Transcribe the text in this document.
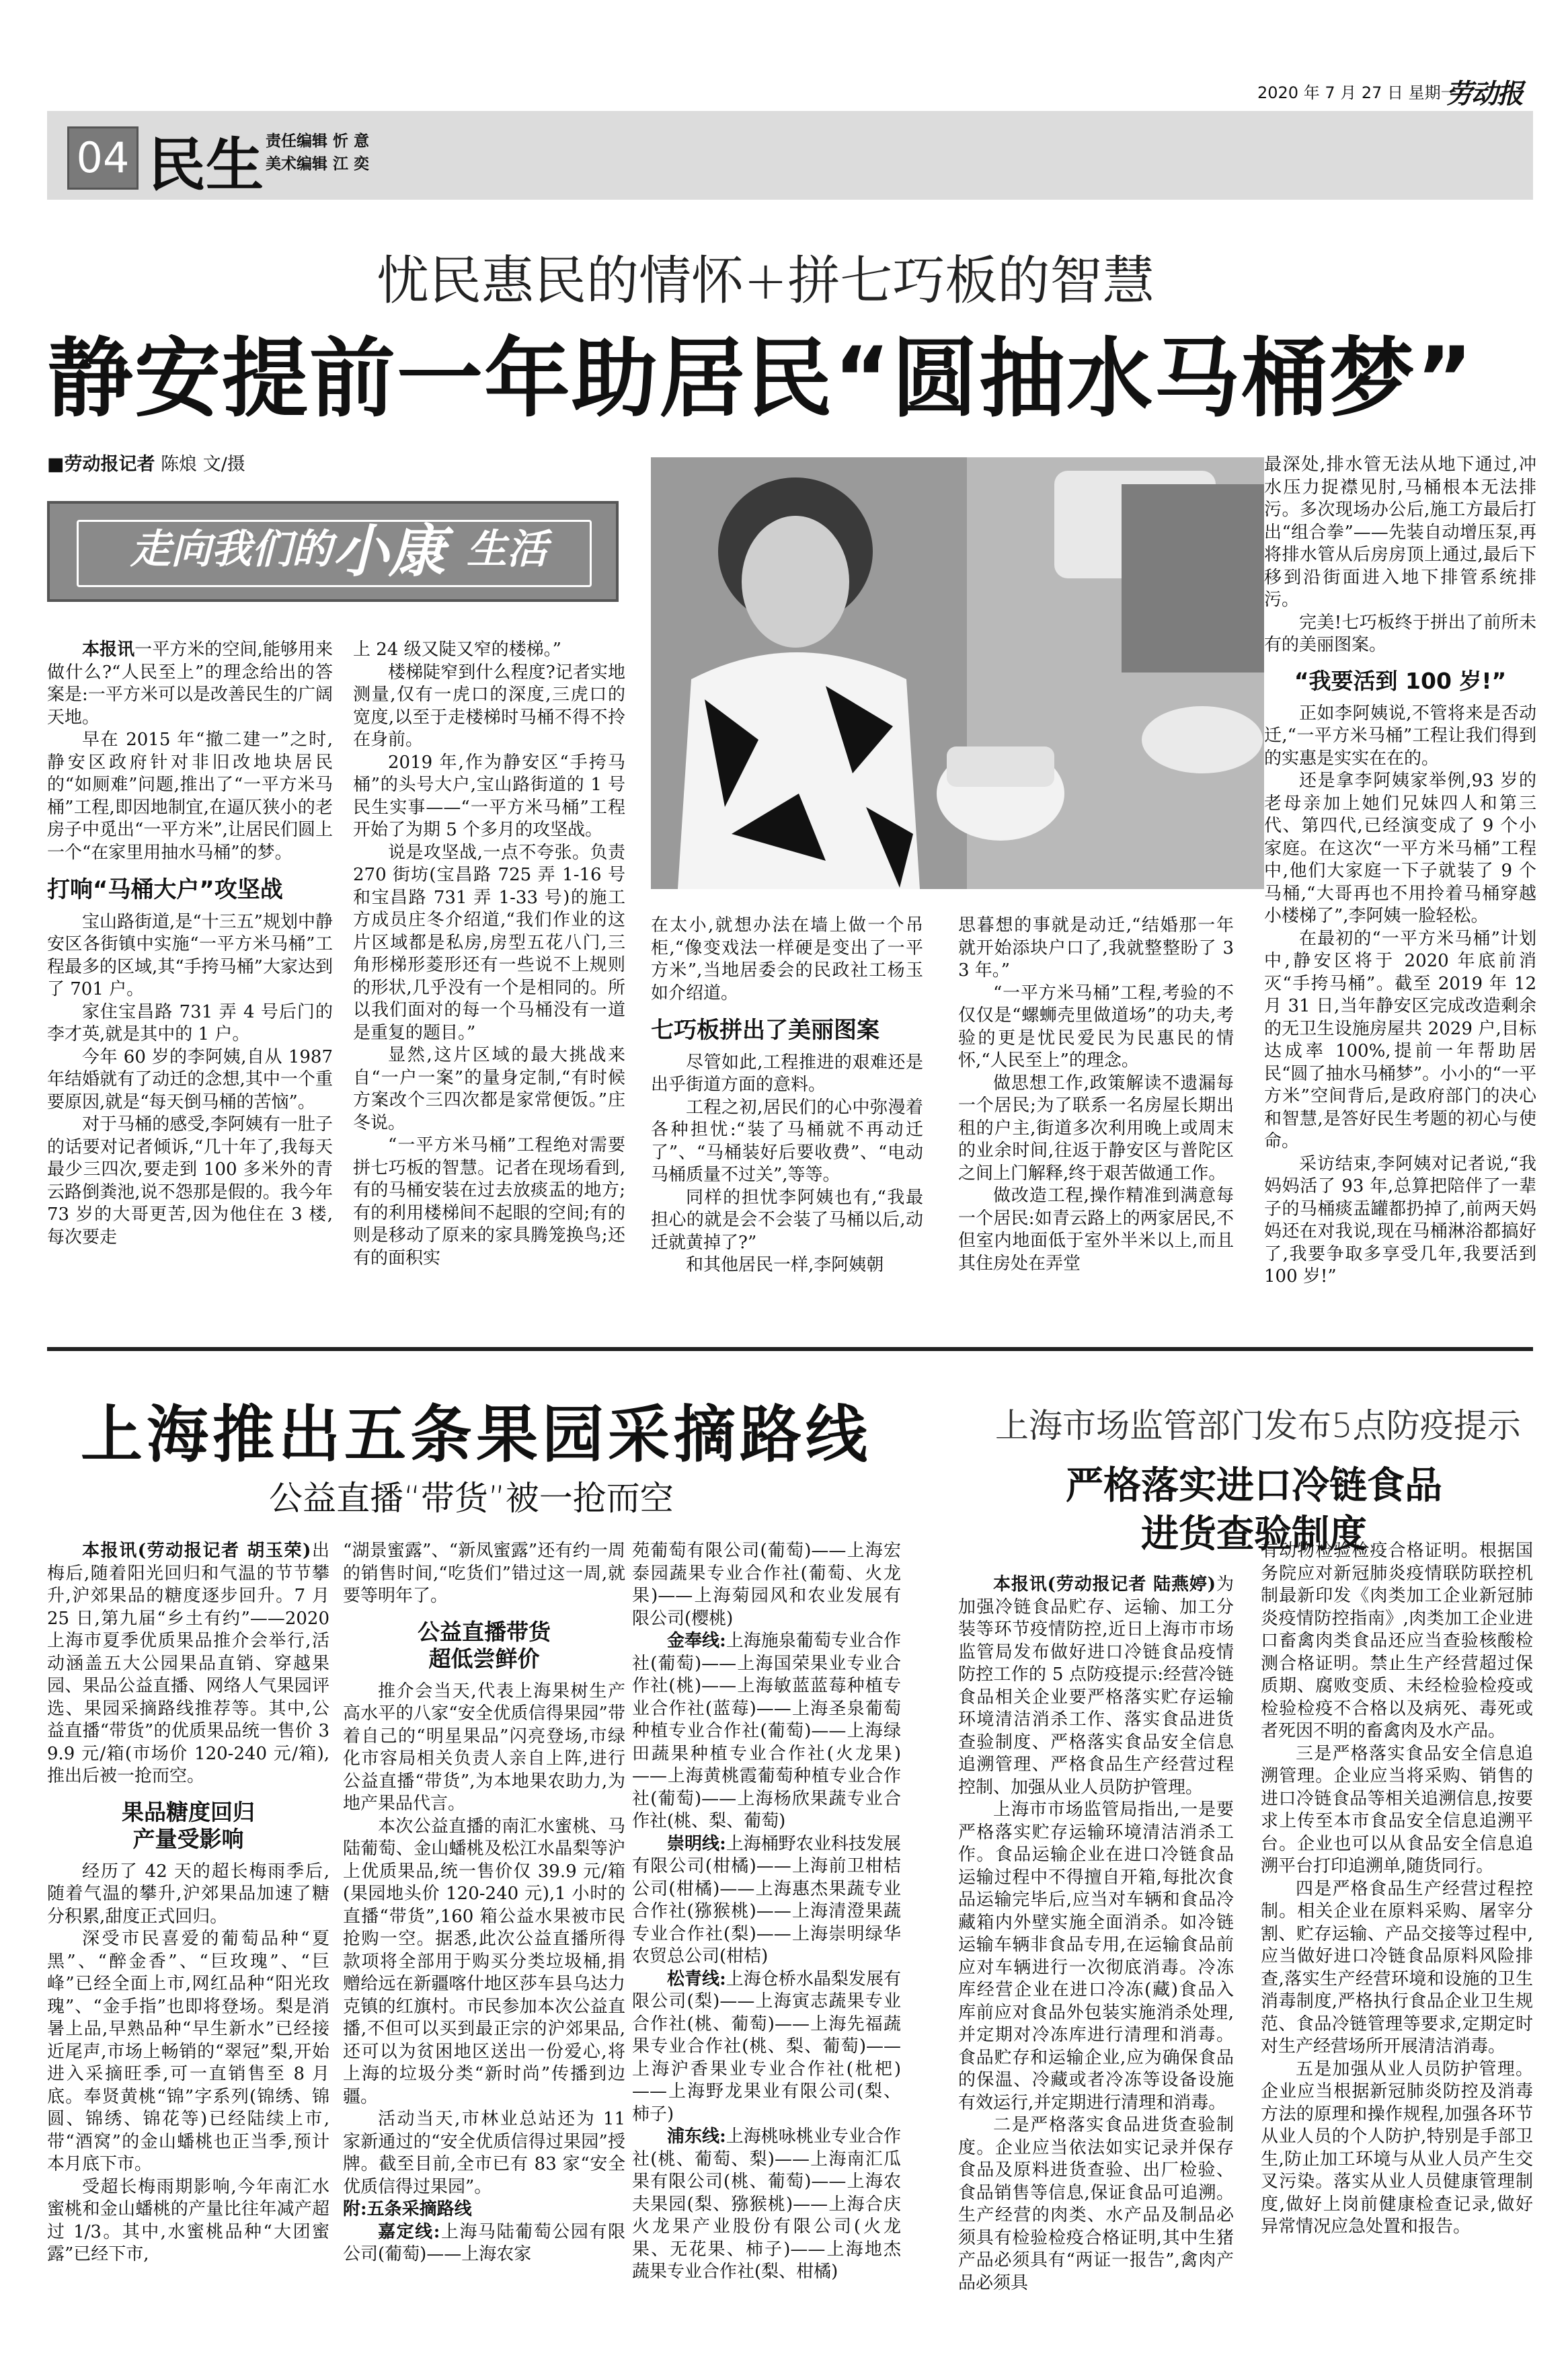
2020 年 7 月 27 日 星期一
劳动报
04 民生 责任编辑 忻 意
美术编辑 江 奕
忧民惠民的情怀+拼七巧板的智慧
静安提前一年助居民“圆抽水马桶梦”
■劳动报记者 陈烺 文/摄
走向我们的 小康 生活

本报讯一平方米的空间,能够用来做什么?“人民至上”的理念给出的答案是:一平方米可以是改善民生的广阔天地。

早在 2015 年“撤二建一”之时,静安区政府针对非旧改地块居民的“如厕难”问题,推出了“一平方米马桶”工程,即因地制宜,在逼仄狭小的老房子中觅出“一平方米”,让居民们圆上一个“在家里用抽水马桶”的梦。

打响“马桶大户”攻坚战

宝山路街道,是“十三五”规划中静安区各街镇中实施“一平方米马桶”工程最多的区域,其“手挎马桶”大家达到了 701 户。

家住宝昌路 731 弄 4 号后门的李才英,就是其中的 1 户。

今年 60 岁的李阿姨,自从 1987 年结婚就有了动迁的念想,其中一个重要原因,就是“每天倒马桶的苦恼”。

对于马桶的感受,李阿姨有一肚子的话要对记者倾诉,“几十年了,我每天最少三四次,要走到 100 多米外的青云路倒粪池,说不怨那是假的。我今年 73 岁的大哥更苦,因为他住在 3 楼,每次要走

上 24 级又陡又窄的楼梯。”

楼梯陡窄到什么程度?记者实地测量,仅有一虎口的深度,三虎口的宽度,以至于走楼梯时马桶不得不拎在身前。

2019 年,作为静安区“手挎马桶”的头号大户,宝山路街道的 1 号民生实事——“一平方米马桶”工程开始了为期 5 个多月的攻坚战。

说是攻坚战,一点不夸张。负责 270 街坊(宝昌路 725 弄 1-16 号和宝昌路 731 弄 1-33 号)的施工方成员庄冬介绍道,“我们作业的这片区域都是私房,房型五花八门,三角形梯形菱形还有一些说不上规则的形状,几乎没有一个是相同的。所以我们面对的每一个马桶没有一道是重复的题目。”

显然,这片区域的最大挑战来自“一户一案”的量身定制,“有时候方案改个三四次都是家常便饭。”庄冬说。

“一平方米马桶”工程绝对需要拼七巧板的智慧。记者在现场看到,有的马桶安装在过去放痰盂的地方;有的利用楼梯间不起眼的空间;有的则是移动了原来的家具腾笼换鸟;还有的面积实

在太小,就想办法在墙上做一个吊柜,“像变戏法一样硬是变出了一平方米”,当地居委会的民政社工杨玉如介绍道。

七巧板拼出了美丽图案

尽管如此,工程推进的艰难还是出乎街道方面的意料。

工程之初,居民们的心中弥漫着各种担忧:“装了马桶就不再动迁了”、“马桶装好后要收费”、“电动马桶质量不过关”,等等。

同样的担忧李阿姨也有,“我最担心的就是会不会装了马桶以后,动迁就黄掉了?”

和其他居民一样,李阿姨朝

思暮想的事就是动迁,“结婚那一年就开始添块户口了,我就整整盼了 33 年。”

“一平方米马桶”工程,考验的不仅仅是“螺蛳壳里做道场”的功夫,考验的更是忧民爱民为民惠民的情怀,“人民至上”的理念。

做思想工作,政策解读不遗漏每一个居民;为了联系一名房屋长期出租的户主,街道多次利用晚上或周末的业余时间,往返于静安区与普陀区之间上门解释,终于艰苦做通工作。

做改造工程,操作精准到满意每一个居民:如青云路上的两家居民,不但室内地面低于室外半米以上,而且其住房处在弄堂

最深处,排水管无法从地下通过,冲水压力捉襟见肘,马桶根本无法排污。多次现场办公后,施工方最后打出“组合拳”——先装自动增压泵,再将排水管从后房房顶上通过,最后下移到沿街面进入地下排管系统排污。

完美!七巧板终于拼出了前所未有的美丽图案。

“我要活到 100 岁!”

正如李阿姨说,不管将来是否动迁,“一平方米马桶”工程让我们得到的实惠是实实在在的。

还是拿李阿姨家举例,93 岁的老母亲加上她们兄妹四人和第三代、第四代,已经演变成了 9 个小家庭。在这次“一平方米马桶”工程中,他们大家庭一下子就装了 9 个马桶,“大哥再也不用拎着马桶穿越小楼梯了”,李阿姨一脸轻松。

在最初的“一平方米马桶”计划中,静安区将于 2020 年底前消灭“手挎马桶”。截至 2019 年 12 月 31 日,当年静安区完成改造剩余的无卫生设施房屋共 2029 户,目标达成率 100%,提前一年帮助居民“圆了抽水马桶梦”。小小的“一平方米”空间背后,是政府部门的决心和智慧,是答好民生考题的初心与使命。

采访结束,李阿姨对记者说,“我妈妈活了 93 年,总算把陪伴了一辈子的马桶痰盂罐都扔掉了,前两天妈妈还在对我说,现在马桶淋浴都搞好了,我要争取多享受几年,我要活到 100 岁!”

上海推出五条果园采摘路线
公益直播“带货”被一抢而空

本报讯(劳动报记者 胡玉荣)出梅后,随着阳光回归和气温的节节攀升,沪郊果品的糖度逐步回升。7 月 25 日,第九届“乡土有约”——2020 上海市夏季优质果品推介会举行,活动涵盖五大公园果品直销、穿越果园、果品公益直播、网络人气果园评选、果园采摘路线推荐等。其中,公益直播“带货”的优质果品统一售价 39.9 元/箱(市场价 120-240 元/箱),推出后被一抢而空。

果品糖度回归
产量受影响

经历了 42 天的超长梅雨季后,随着气温的攀升,沪郊果品加速了糖分积累,甜度正式回归。

深受市民喜爱的葡萄品种“夏黑”、“醉金香”、“巨玫瑰”、“巨峰”已经全面上市,网红品种“阳光玫瑰”、“金手指”也即将登场。梨是消暑上品,早熟品种“早生新水”已经接近尾声,市场上畅销的“翠冠”梨,开始进入采摘旺季,可一直销售至 8 月底。奉贤黄桃“锦”字系列(锦绣、锦圆、锦绣、锦花等)已经陆续上市,带“酒窝”的金山蟠桃也正当季,预计本月底下市。

受超长梅雨期影响,今年南汇水蜜桃和金山蟠桃的产量比往年减产超过 1/3。其中,水蜜桃品种“大团蜜露”已经下市,

“湖景蜜露”、“新凤蜜露”还有约一周的销售时间,“吃货们”错过这一周,就要等明年了。

公益直播带货
超低尝鲜价

推介会当天,代表上海果树生产高水平的八家“安全优质信得果园”带着自己的“明星果品”闪亮登场,市绿化市容局相关负责人亲自上阵,进行公益直播“带货”,为本地果农助力,为地产果品代言。

本次公益直播的南汇水蜜桃、马陆葡萄、金山蟠桃及松江水晶梨等沪上优质果品,统一售价仅 39.9 元/箱(果园地头价 120-240 元),1 小时的直播“带货”,160 箱公益水果被市民抢购一空。据悉,此次公益直播所得款项将全部用于购买分类垃圾桶,捐赠给远在新疆喀什地区莎车县乌达力克镇的红旗村。市民参加本次公益直播,不但可以买到最正宗的沪郊果品,还可以为贫困地区送出一份爱心,将上海的垃圾分类“新时尚”传播到边疆。

活动当天,市林业总站还为 11 家新通过的“安全优质信得过果园”授牌。截至目前,全市已有 83 家“安全优质信得过果园”。

附:五条采摘路线

嘉定线:上海马陆葡萄公园有限公司(葡萄)——上海农家

苑葡萄有限公司(葡萄)——上海宏泰园蔬果专业合作社(葡萄、火龙果)——上海菊园风和农业发展有限公司(樱桃)

金奉线:上海施泉葡萄专业合作社(葡萄)——上海国荣果业专业合作社(桃)——上海敏蓝蓝莓种植专业合作社(蓝莓)——上海圣泉葡萄种植专业合作社(葡萄)——上海绿田蔬果种植专业合作社(火龙果)——上海黄桃霞葡萄种植专业合作社(葡萄)——上海杨欣果蔬专业合作社(桃、梨、葡萄)

崇明线:上海桶野农业科技发展有限公司(柑橘)——上海前卫柑桔公司(柑橘)——上海惠杰果蔬专业合作社(猕猴桃)——上海清澄果蔬专业合作社(梨)——上海崇明绿华农贸总公司(柑桔)

松青线:上海仓桥水晶梨发展有限公司(梨)——上海寅志蔬果专业合作社(桃、葡萄)——上海先福蔬果专业合作社(桃、梨、葡萄)——上海沪香果业专业合作社(枇杷)——上海野龙果业有限公司(梨、柿子)

浦东线:上海桃咏桃业专业合作社(桃、葡萄、梨)——上海南汇瓜果有限公司(桃、葡萄)——上海农夫果园(梨、猕猴桃)——上海合庆火龙果产业股份有限公司(火龙果、无花果、柿子)——上海地杰蔬果专业合作社(梨、柑橘)

上海市场监管部门发布5点防疫提示
严格落实进口冷链食品
进货查验制度

本报讯(劳动报记者 陆燕婷)为加强冷链食品贮存、运输、加工分装等环节疫情防控,近日上海市市场监管局发布做好进口冷链食品疫情防控工作的 5 点防疫提示:经营冷链食品相关企业要严格落实贮存运输环境清洁消杀工作、落实食品进货查验制度、严格落实食品安全信息追溯管理、严格食品生产经营过程控制、加强从业人员防护管理。

上海市市场监管局指出,一是要严格落实贮存运输环境清洁消杀工作。食品运输企业在进口冷链食品运输过程中不得擅自开箱,每批次食品运输完毕后,应当对车辆和食品冷藏箱内外壁实施全面消杀。如冷链运输车辆非食品专用,在运输食品前应对车辆进行一次彻底消毒。冷冻库经营企业在进口冷冻(藏)食品入库前应对食品外包装实施消杀处理,并定期对冷冻库进行清理和消毒。食品贮存和运输企业,应为确保食品的保温、冷藏或者冷冻等设备设施有效运行,并定期进行清理和消毒。

二是严格落实食品进货查验制度。企业应当依法如实记录并保存食品及原料进货查验、出厂检验、食品销售等信息,保证食品可追溯。生产经营的肉类、水产品及制品必须具有检验检疫合格证明,其中生猪产品必须具有“两证一报告”,禽肉产品必须具

有动物检验检疫合格证明。根据国务院应对新冠肺炎疫情联防联控机制最新印发《肉类加工企业新冠肺炎疫情防控指南》,肉类加工企业进口畜禽肉类食品还应当查验核酸检测合格证明。禁止生产经营超过保质期、腐败变质、未经检验检疫或检验检疫不合格以及病死、毒死或者死因不明的畜禽肉及水产品。

三是严格落实食品安全信息追溯管理。企业应当将采购、销售的进口冷链食品等相关追溯信息,按要求上传至本市食品安全信息追溯平台。企业也可以从食品安全信息追溯平台打印追溯单,随货同行。

四是严格食品生产经营过程控制。相关企业在原料采购、屠宰分割、贮存运输、产品交接等过程中,应当做好进口冷链食品原料风险排查,落实生产经营环境和设施的卫生消毒制度,严格执行食品企业卫生规范、食品冷链管理等要求,定期定时对生产经营场所开展清洁消毒。

五是加强从业人员防护管理。企业应当根据新冠肺炎防控及消毒方法的原理和操作规程,加强各环节从业人员的个人防护,特别是手部卫生,防止加工环境与从业人员产生交叉污染。落实从业人员健康管理制度,做好上岗前健康检查记录,做好异常情况应急处置和报告。
